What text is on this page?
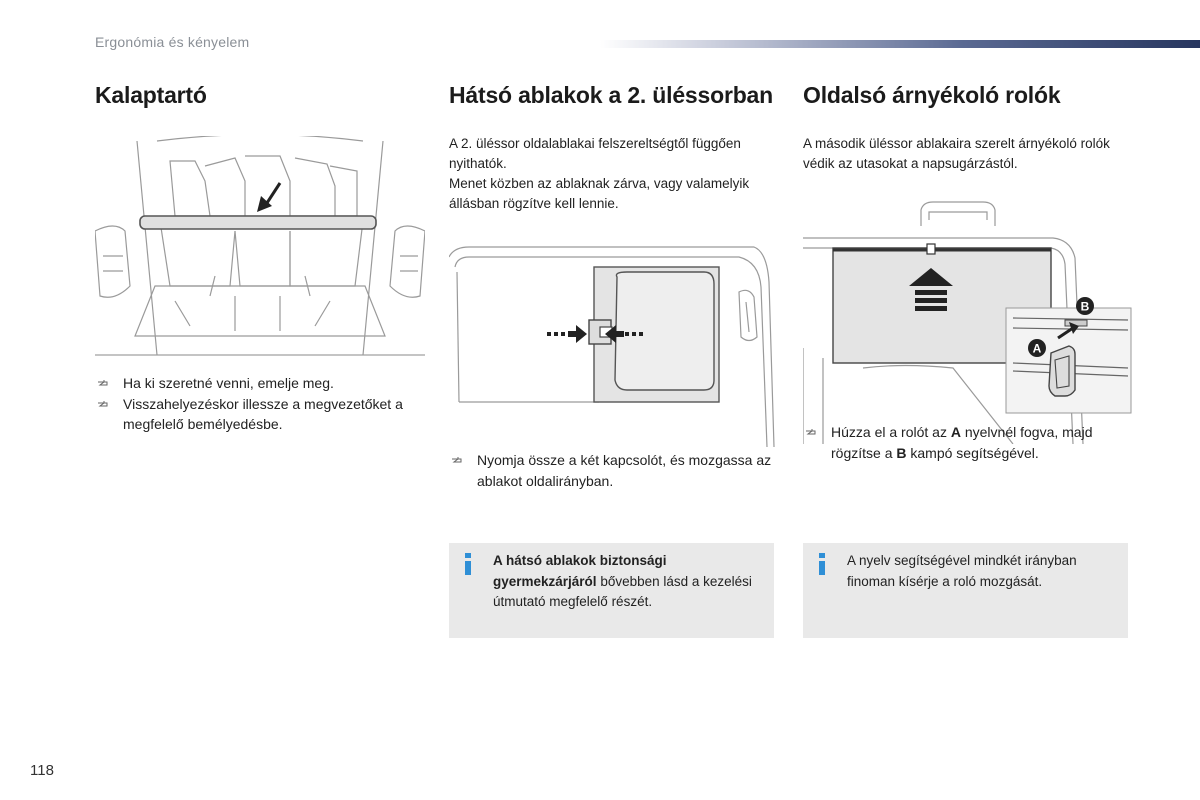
Ergonómia és kényelem
Kalaptartó
Ha ki szeretné venni, emelje meg.
Visszahelyezéskor illessze a megvezetőket a megfelelő bemélyedésbe.
Hátsó ablakok a 2. üléssorban

A 2. üléssor oldalablakai felszereltségtől függően nyithatók.

Menet közben az ablaknak zárva, vagy valamelyik állásban rögzítve kell lennie.

Nyomja össze a két kapcsolót, és mozgassa az ablakot oldalirányban.
A hátsó ablakok biztonsági gyermekzárjáról bővebben lásd a kezelési útmutató megfelelő részét.
Oldalsó árnyékoló rolók

A második üléssor ablakaira szerelt árnyékoló rolók védik az utasokat a napsugárzástól.

A
B
Húzza el a rolót az A nyelvnél fogva, majd rögzítse a B kampó segítségével.
A nyelv segítségével mindkét irányban finoman kísérje a roló mozgását.
118
